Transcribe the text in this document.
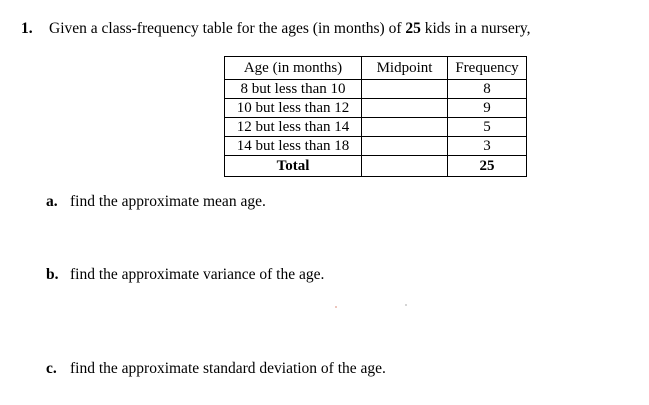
1. Given a class-frequency table for the ages (in months) of 25 kids in a nursery,
Age (in months)	Midpoint	Frequency
8 but less than 10		8
10 but less than 12		9
12 but less than 14		5
14 but less than 18		3
Total		25
a. find the approximate mean age.
b. find the approximate variance of the age.
c. find the approximate standard deviation of the age.
